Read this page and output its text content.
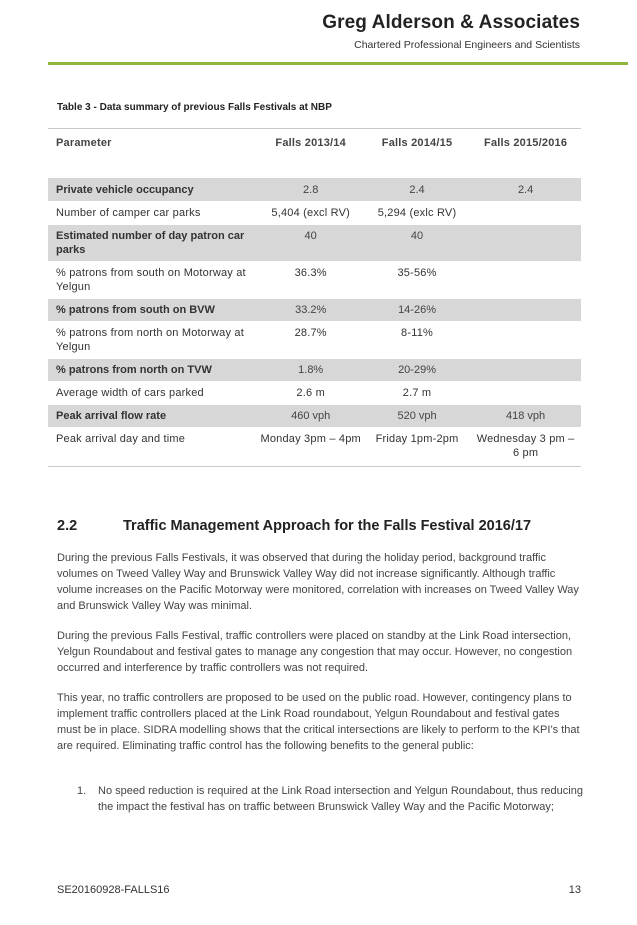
Greg Alderson & Associates
Chartered Professional Engineers and Scientists
Table 3 - Data summary of previous Falls Festivals at NBP
Parameter	Falls 2013/14	Falls 2014/15	Falls 2015/2016

Private vehicle occupancy	2.8	2.4	2.4
Number of camper car parks	5,404 (excl RV)	5,294 (exlc RV)	
Estimated number of day patron car parks	40	40	
% patrons from south on Motorway at Yelgun	36.3%	35-56%	
% patrons from south on BVW	33.2%	14-26%	
% patrons from north on Motorway at Yelgun	28.7%	8-11%	
% patrons from north on TVW	1.8%	20-29%	
Average width of cars parked	2.6 m	2.7 m	
Peak arrival flow rate	460 vph	520 vph	418 vph
Peak arrival day and time	Monday 3pm – 4pm	Friday 1pm-2pm	Wednesday 3 pm – 6 pm
2.2	Traffic Management Approach for the Falls Festival 2016/17
During the previous Falls Festivals, it was observed that during the holiday period, background traffic volumes on Tweed Valley Way and Brunswick Valley Way did not increase significantly. Although traffic volume increases on the Pacific Motorway were monitored, correlation with increases on Tweed Valley Way and Brunswick Valley Way was minimal.
During the previous Falls Festival, traffic controllers were placed on standby at the Link Road intersection, Yelgun Roundabout and festival gates to manage any congestion that may occur. However, no congestion occurred and interference by traffic controllers was not required.
This year, no traffic controllers are proposed to be used on the public road. However, contingency plans to implement traffic controllers placed at the Link Road roundabout, Yelgun Roundabout and festival gates must be in place. SIDRA modelling shows that the critical intersections are likely to perform to the KPI’s that are required. Eliminating traffic control has the following benefits to the general public:
1. No speed reduction is required at the Link Road intersection and Yelgun Roundabout, thus reducing the impact the festival has on traffic between Brunswick Valley Way and the Pacific Motorway;
SE20160928-FALLS16	13
